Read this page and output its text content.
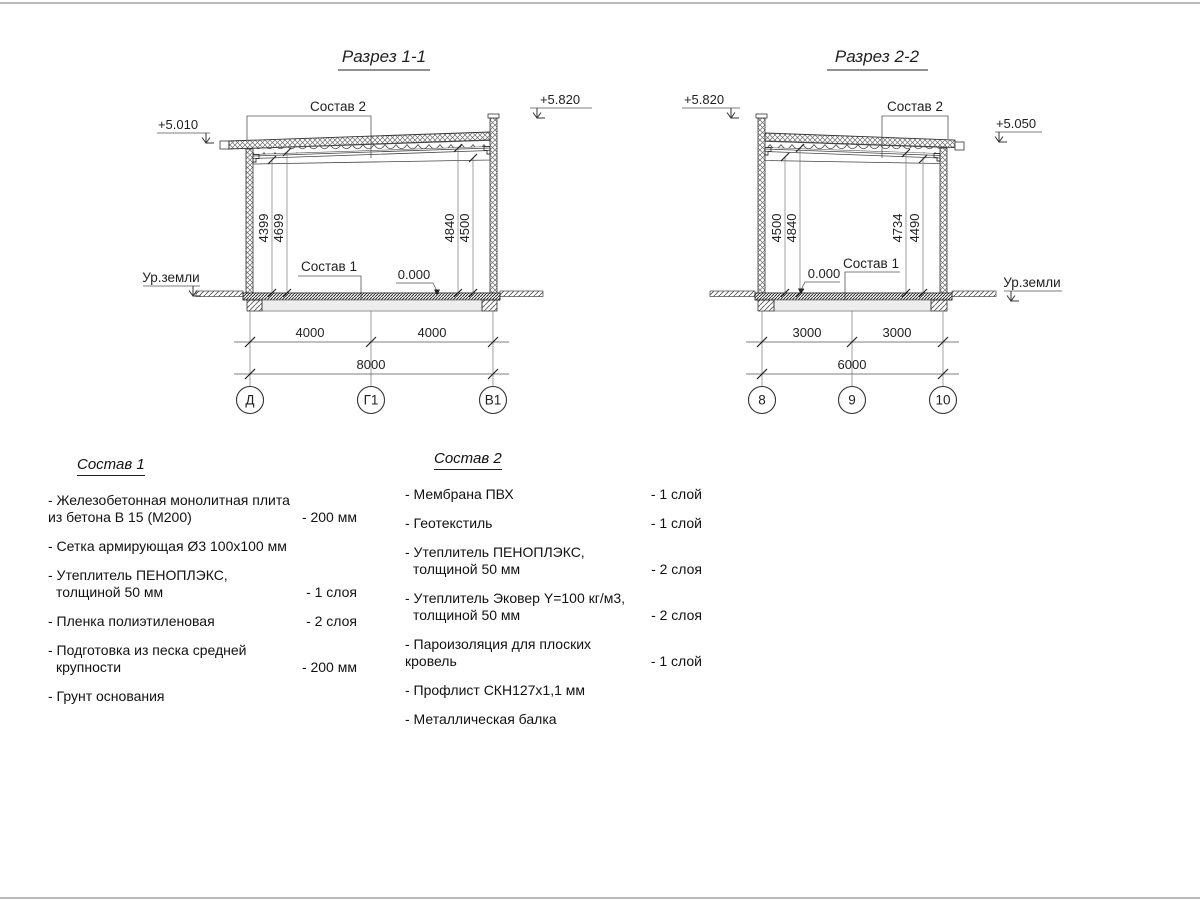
Разрез 1-1
+5.010
+5.820
Состав 2
4399 4699	4840 4500
Состав 1
0.000
Ур.земли
4000	4000
8000
Д	Г1	В1
Разрез 2-2
+5.820
+5.050
Состав 2
4500 4840	4734 4490
Состав 1
0.000
Ур.земли
3000	3000
6000
8	9	10
Состав 1
- Железобетонная монолитная плита
из бетона В 15 (М200)	- 200 мм
- Сетка армирующая Ø3 100х100 мм
- Утеплитель ПЕНОПЛЭКС,
толщиной 50 мм	- 1 слоя
- Пленка полиэтиленовая	- 2 слоя
- Подготовка из песка средней
крупности	- 200 мм
- Грунт основания
Состав 2
- Мембрана ПВХ	- 1 слой
- Геотекстиль	- 1 слой
- Утеплитель ПЕНОПЛЭКС,
толщиной 50 мм	- 2 слоя
- Утеплитель Эковер Y=100 кг/м3,
толщиной 50 мм	- 2 слоя
- Пароизоляция для плоских кровель	- 1 слой
- Профлист СКН127х1,1 мм
- Металлическая балка
